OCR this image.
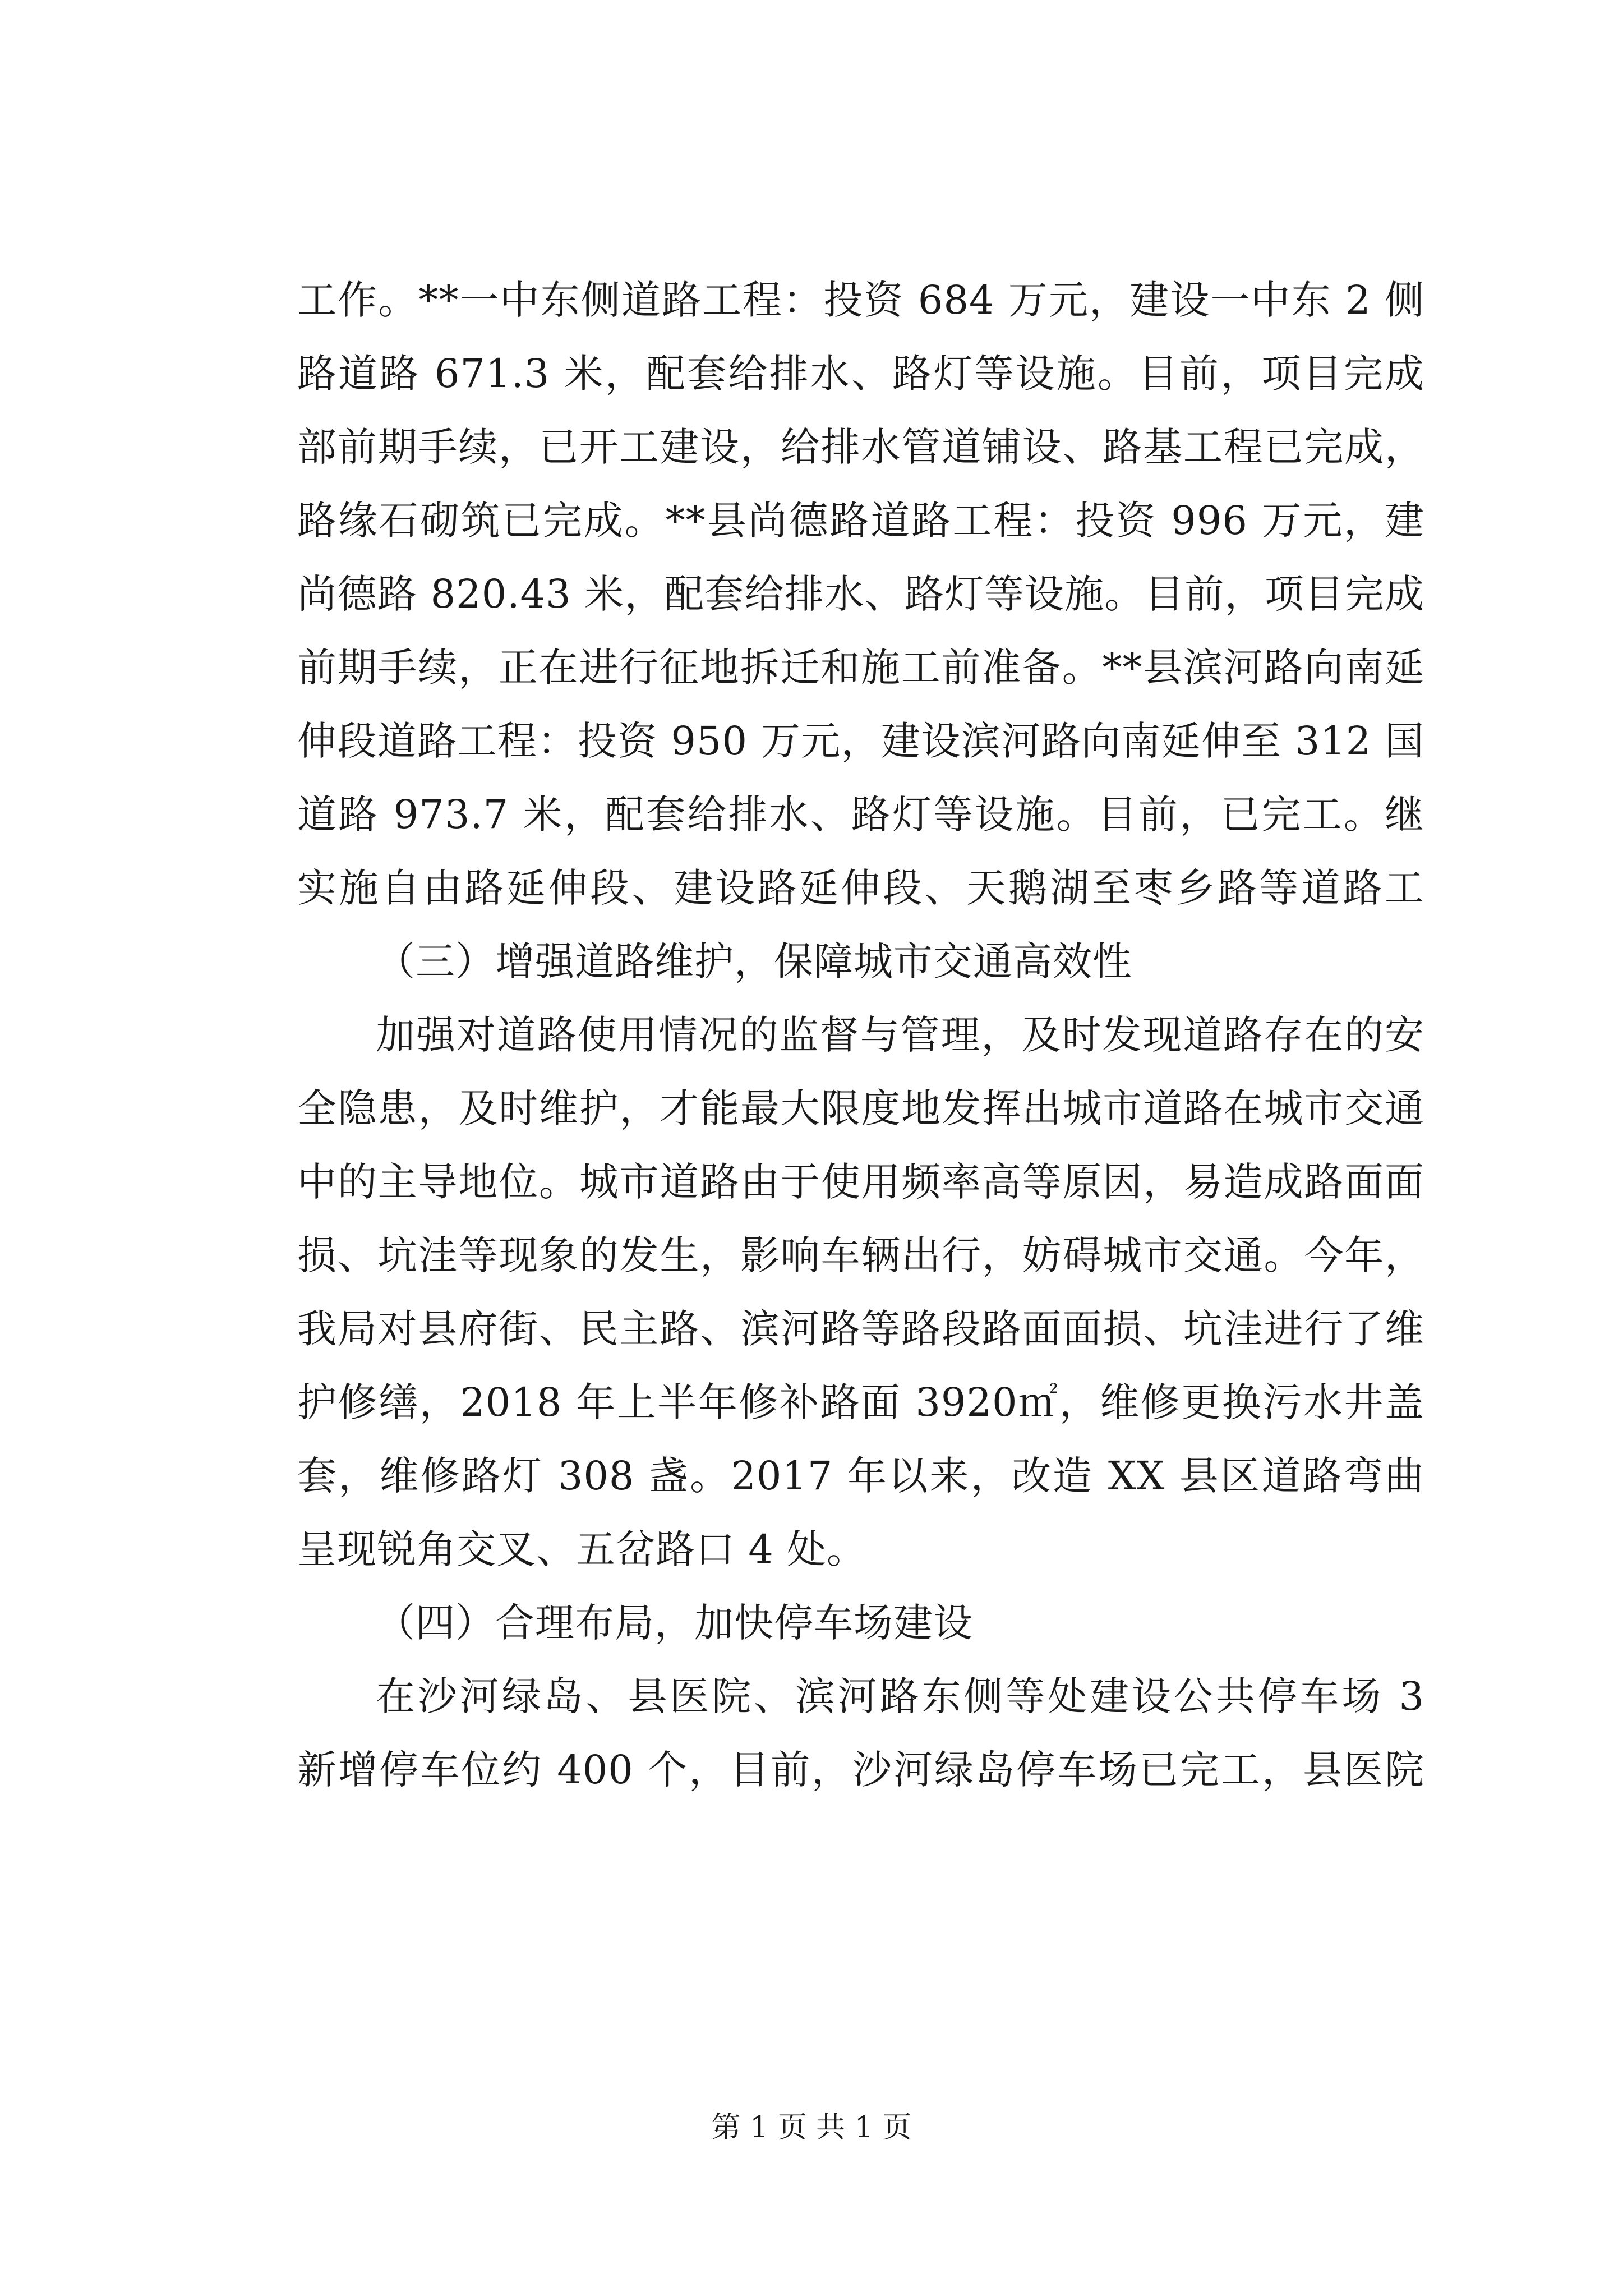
工作。**一中东侧道路工程：投资 684 万元，建设一中东 2 侧
路道路 671.3 米，配套给排水、路灯等设施。目前，项目完成
部前期手续，已开工建设，给排水管道铺设、路基工程已完成，
路缘石砌筑已完成。**县尚德路道路工程：投资 996 万元，建
尚德路 820.43 米，配套给排水、路灯等设施。目前，项目完成
前期手续，正在进行征地拆迁和施工前准备。**县滨河路向南延
伸段道路工程：投资 950 万元，建设滨河路向南延伸至 312 国
道路 973.7 米，配套给排水、路灯等设施。目前，已完工。继
实施自由路延伸段、建设路延伸段、天鹅湖至枣乡路等道路工
（三）增强道路维护，保障城市交通高效性
加强对道路使用情况的监督与管理，及时发现道路存在的安
全隐患，及时维护，才能最大限度地发挥出城市道路在城市交通
中的主导地位。城市道路由于使用频率高等原因，易造成路面面
损、坑洼等现象的发生，影响车辆出行，妨碍城市交通。今年，
我局对县府街、民主路、滨河路等路段路面面损、坑洼进行了维
护修缮，2018 年上半年修补路面 3920㎡，维修更换污水井盖
套，维修路灯 308 盏。2017 年以来，改造 XX 县区道路弯曲
呈现锐角交叉、五岔路口 4 处。
（四）合理布局，加快停车场建设
在沙河绿岛、县医院、滨河路东侧等处建设公共停车场 3
新增停车位约 400 个，目前，沙河绿岛停车场已完工，县医院
第 1 页 共 1 页
